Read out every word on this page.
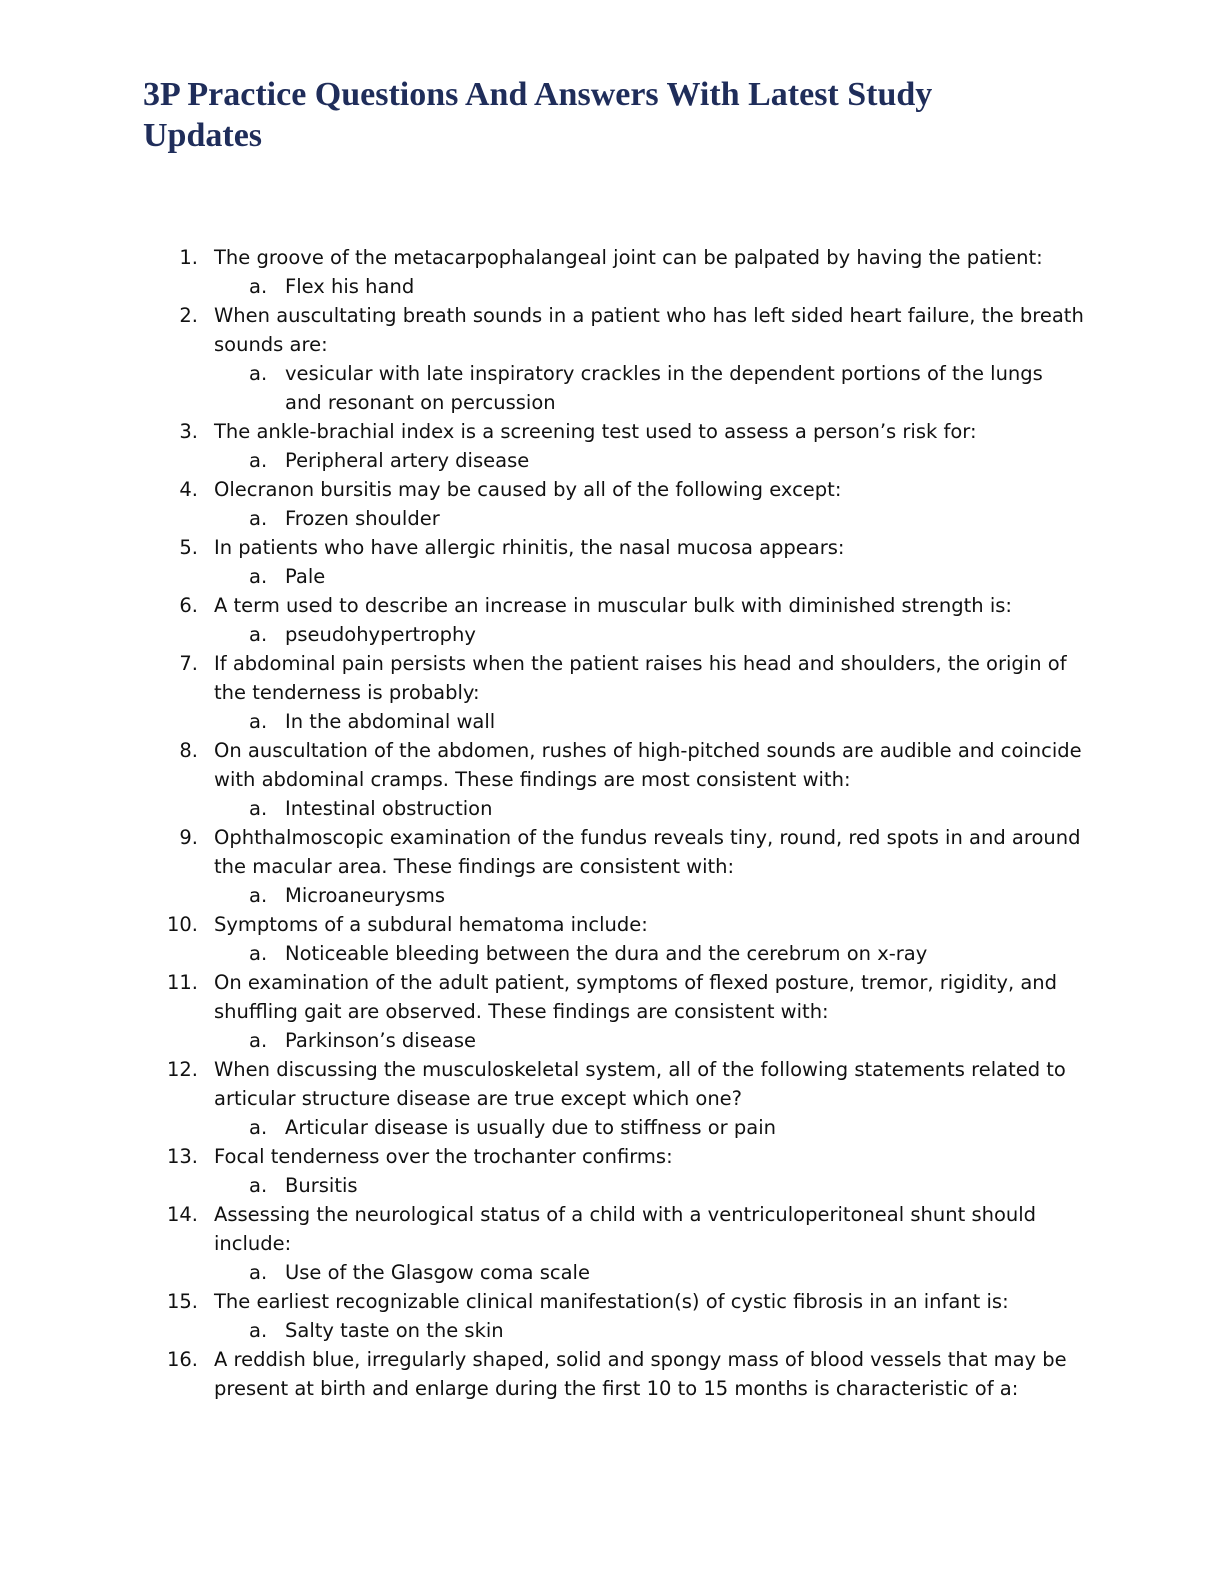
3P Practice Questions And Answers With Latest Study Updates
1. The groove of the metacarpophalangeal joint can be palpated by having the patient:
a. Flex his hand
2. When auscultating breath sounds in a patient who has left sided heart failure, the breath sounds are:
a. vesicular with late inspiratory crackles in the dependent portions of the lungs and resonant on percussion
3. The ankle-brachial index is a screening test used to assess a person’s risk for:
a. Peripheral artery disease
4. Olecranon bursitis may be caused by all of the following except:
a. Frozen shoulder
5. In patients who have allergic rhinitis, the nasal mucosa appears:
a. Pale
6. A term used to describe an increase in muscular bulk with diminished strength is:
a. pseudohypertrophy
7. If abdominal pain persists when the patient raises his head and shoulders, the origin of the tenderness is probably:
a. In the abdominal wall
8. On auscultation of the abdomen, rushes of high-pitched sounds are audible and coincide with abdominal cramps. These findings are most consistent with:
a. Intestinal obstruction
9. Ophthalmoscopic examination of the fundus reveals tiny, round, red spots in and around the macular area. These findings are consistent with:
a. Microaneurysms
10. Symptoms of a subdural hematoma include:
a. Noticeable bleeding between the dura and the cerebrum on x-ray
11. On examination of the adult patient, symptoms of flexed posture, tremor, rigidity, and shuffling gait are observed. These findings are consistent with:
a. Parkinson’s disease
12. When discussing the musculoskeletal system, all of the following statements related to articular structure disease are true except which one?
a. Articular disease is usually due to stiffness or pain
13. Focal tenderness over the trochanter confirms:
a. Bursitis
14. Assessing the neurological status of a child with a ventriculoperitoneal shunt should include:
a. Use of the Glasgow coma scale
15. The earliest recognizable clinical manifestation(s) of cystic fibrosis in an infant is:
a. Salty taste on the skin
16. A reddish blue, irregularly shaped, solid and spongy mass of blood vessels that may be present at birth and enlarge during the first 10 to 15 months is characteristic of a:
